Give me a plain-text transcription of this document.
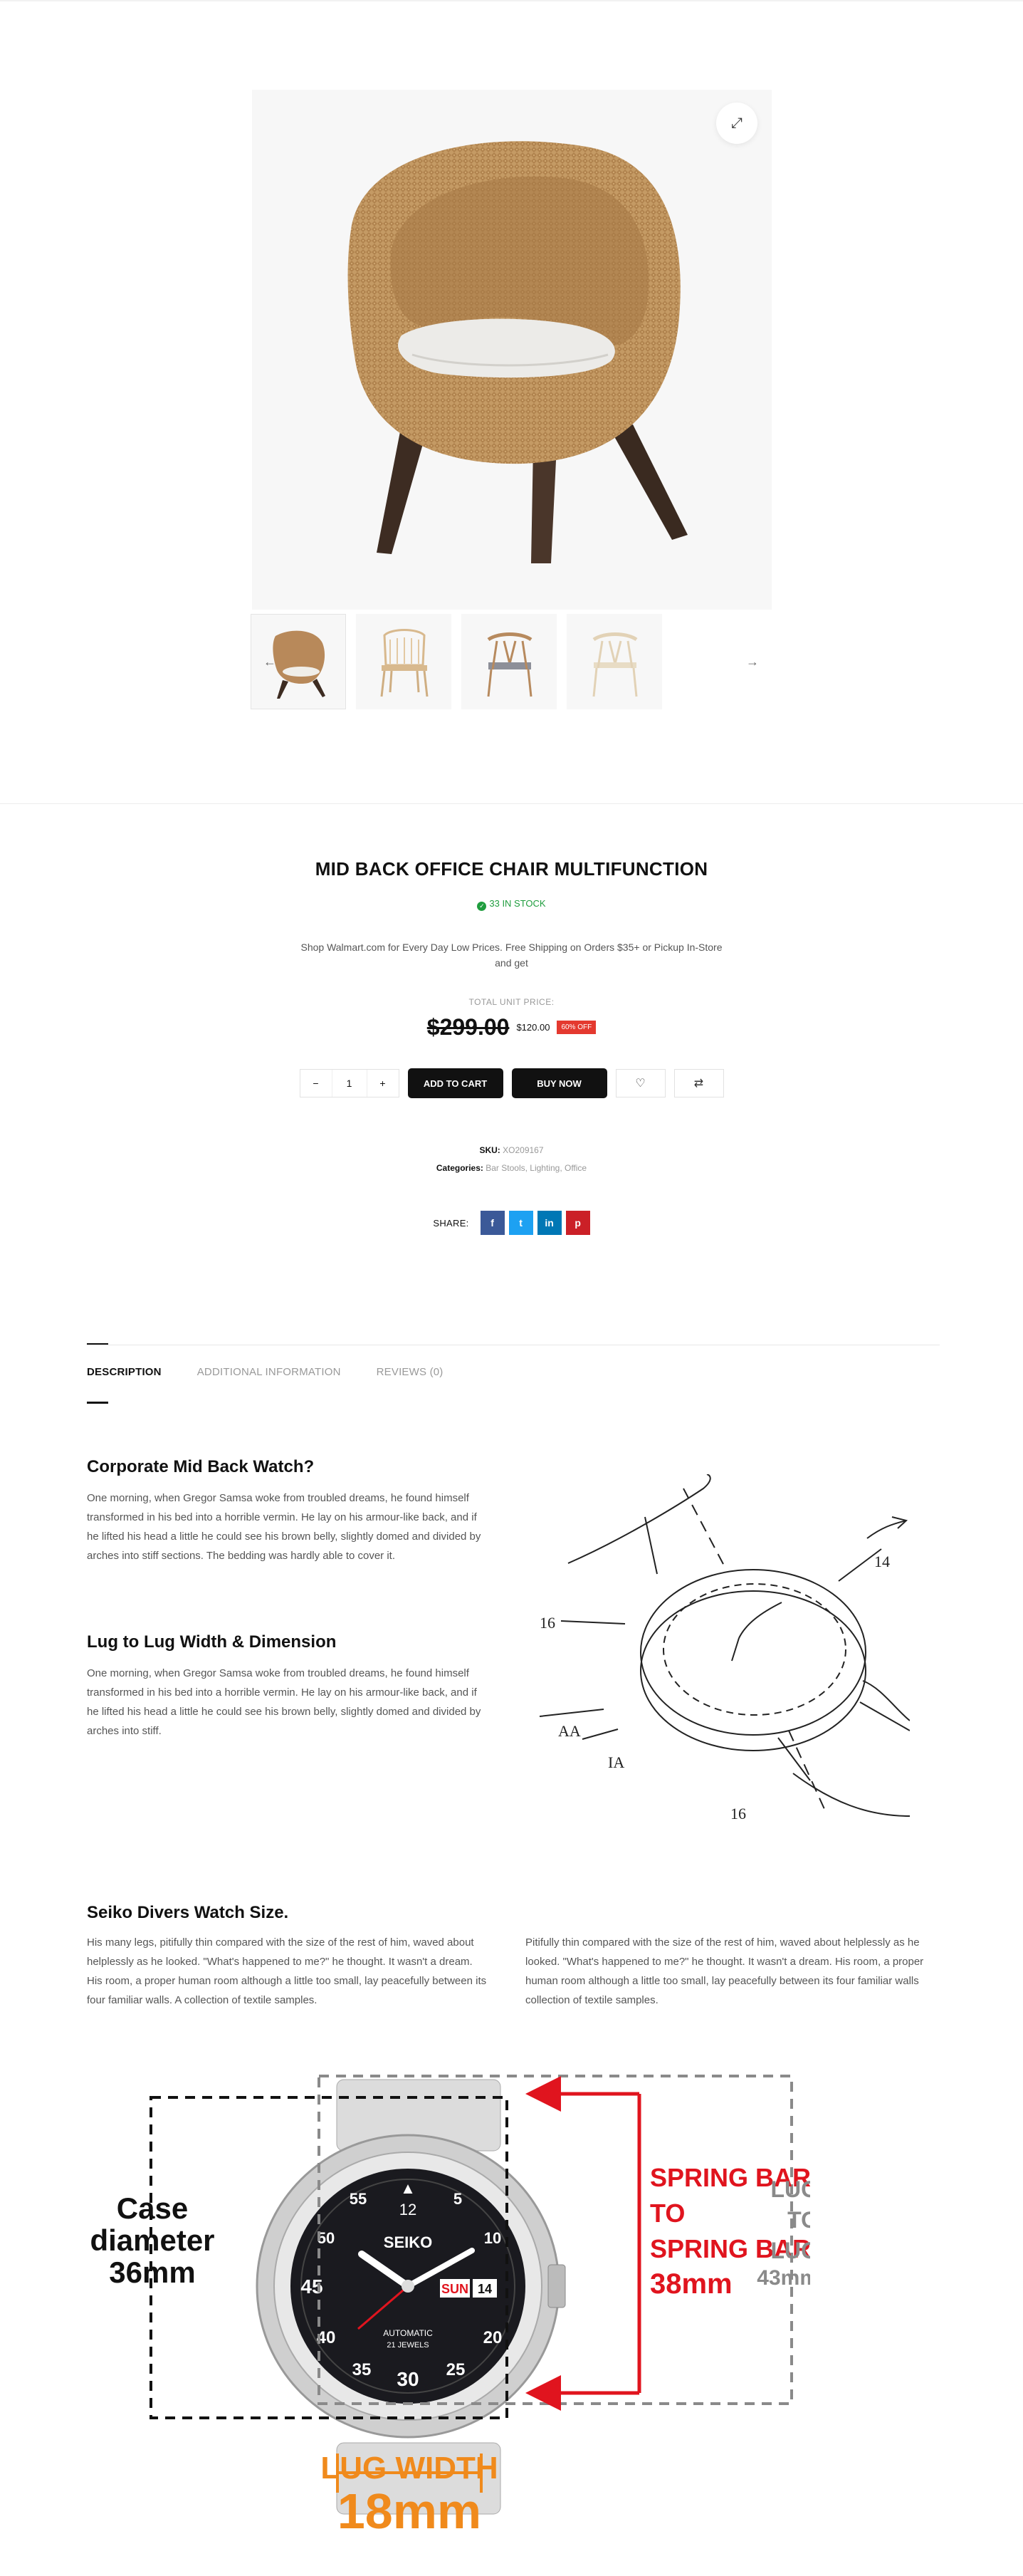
⤢
←	→
MID BACK OFFICE CHAIR MULTIFUNCTION
✓ 33 IN STOCK
Shop Walmart.com for Every Day Low Prices. Free Shipping on Orders $35+ or Pickup In-Store and get
TOTAL UNIT PRICE:
$299.00 $120.00	60% OFF
−	1	+	ADD TO CART	BUY NOW	♡	⇄
SKU: XO209167
Categories: Bar Stools, Lighting, Office
SHARE:	f	t	in	p
DESCRIPTION	ADDITIONAL INFORMATION	REVIEWS (0)
Corporate Mid Back Watch?
One morning, when Gregor Samsa woke from troubled dreams, he found himself transformed in his bed into a horrible vermin. He lay on his armour-like back, and if he lifted his head a little he could see his brown belly, slightly domed and divided by arches into stiff sections. The bedding was hardly able to cover it.
Lug to Lug Width & Dimension
One morning, when Gregor Samsa woke from troubled dreams, he found himself transformed in his bed into a horrible vermin. He lay on his armour-like back, and if he lifted his head a little he could see his brown belly, slightly domed and divided by arches into stiff.
14
16
AA
IA
16
Seiko Divers Watch Size.
His many legs, pitifully thin compared with the size of the rest of him, waved about helplessly as he looked. "What's happened to me?" he thought. It wasn't a dream. His room, a proper human room although a little too small, lay peacefully between its four familiar walls. A collection of textile samples.
Pitifully thin compared with the size of the rest of him, waved about helplessly as he looked. "What's happened to me?" he thought. It wasn't a dream. His room, a proper human room although a little too small, lay peacefully between its four familiar walls collection of textile samples.
▲
12
30
45
55	5
50	10
40	20
35	25
SEIKO
SUN 14
AUTOMATIC
21 JEWELS
Case
diameter
36mm
SPRING BAR
TO
SPRING BAR
38mm
LUG
TO
LUG
43mm
LUG WIDTH
18mm
